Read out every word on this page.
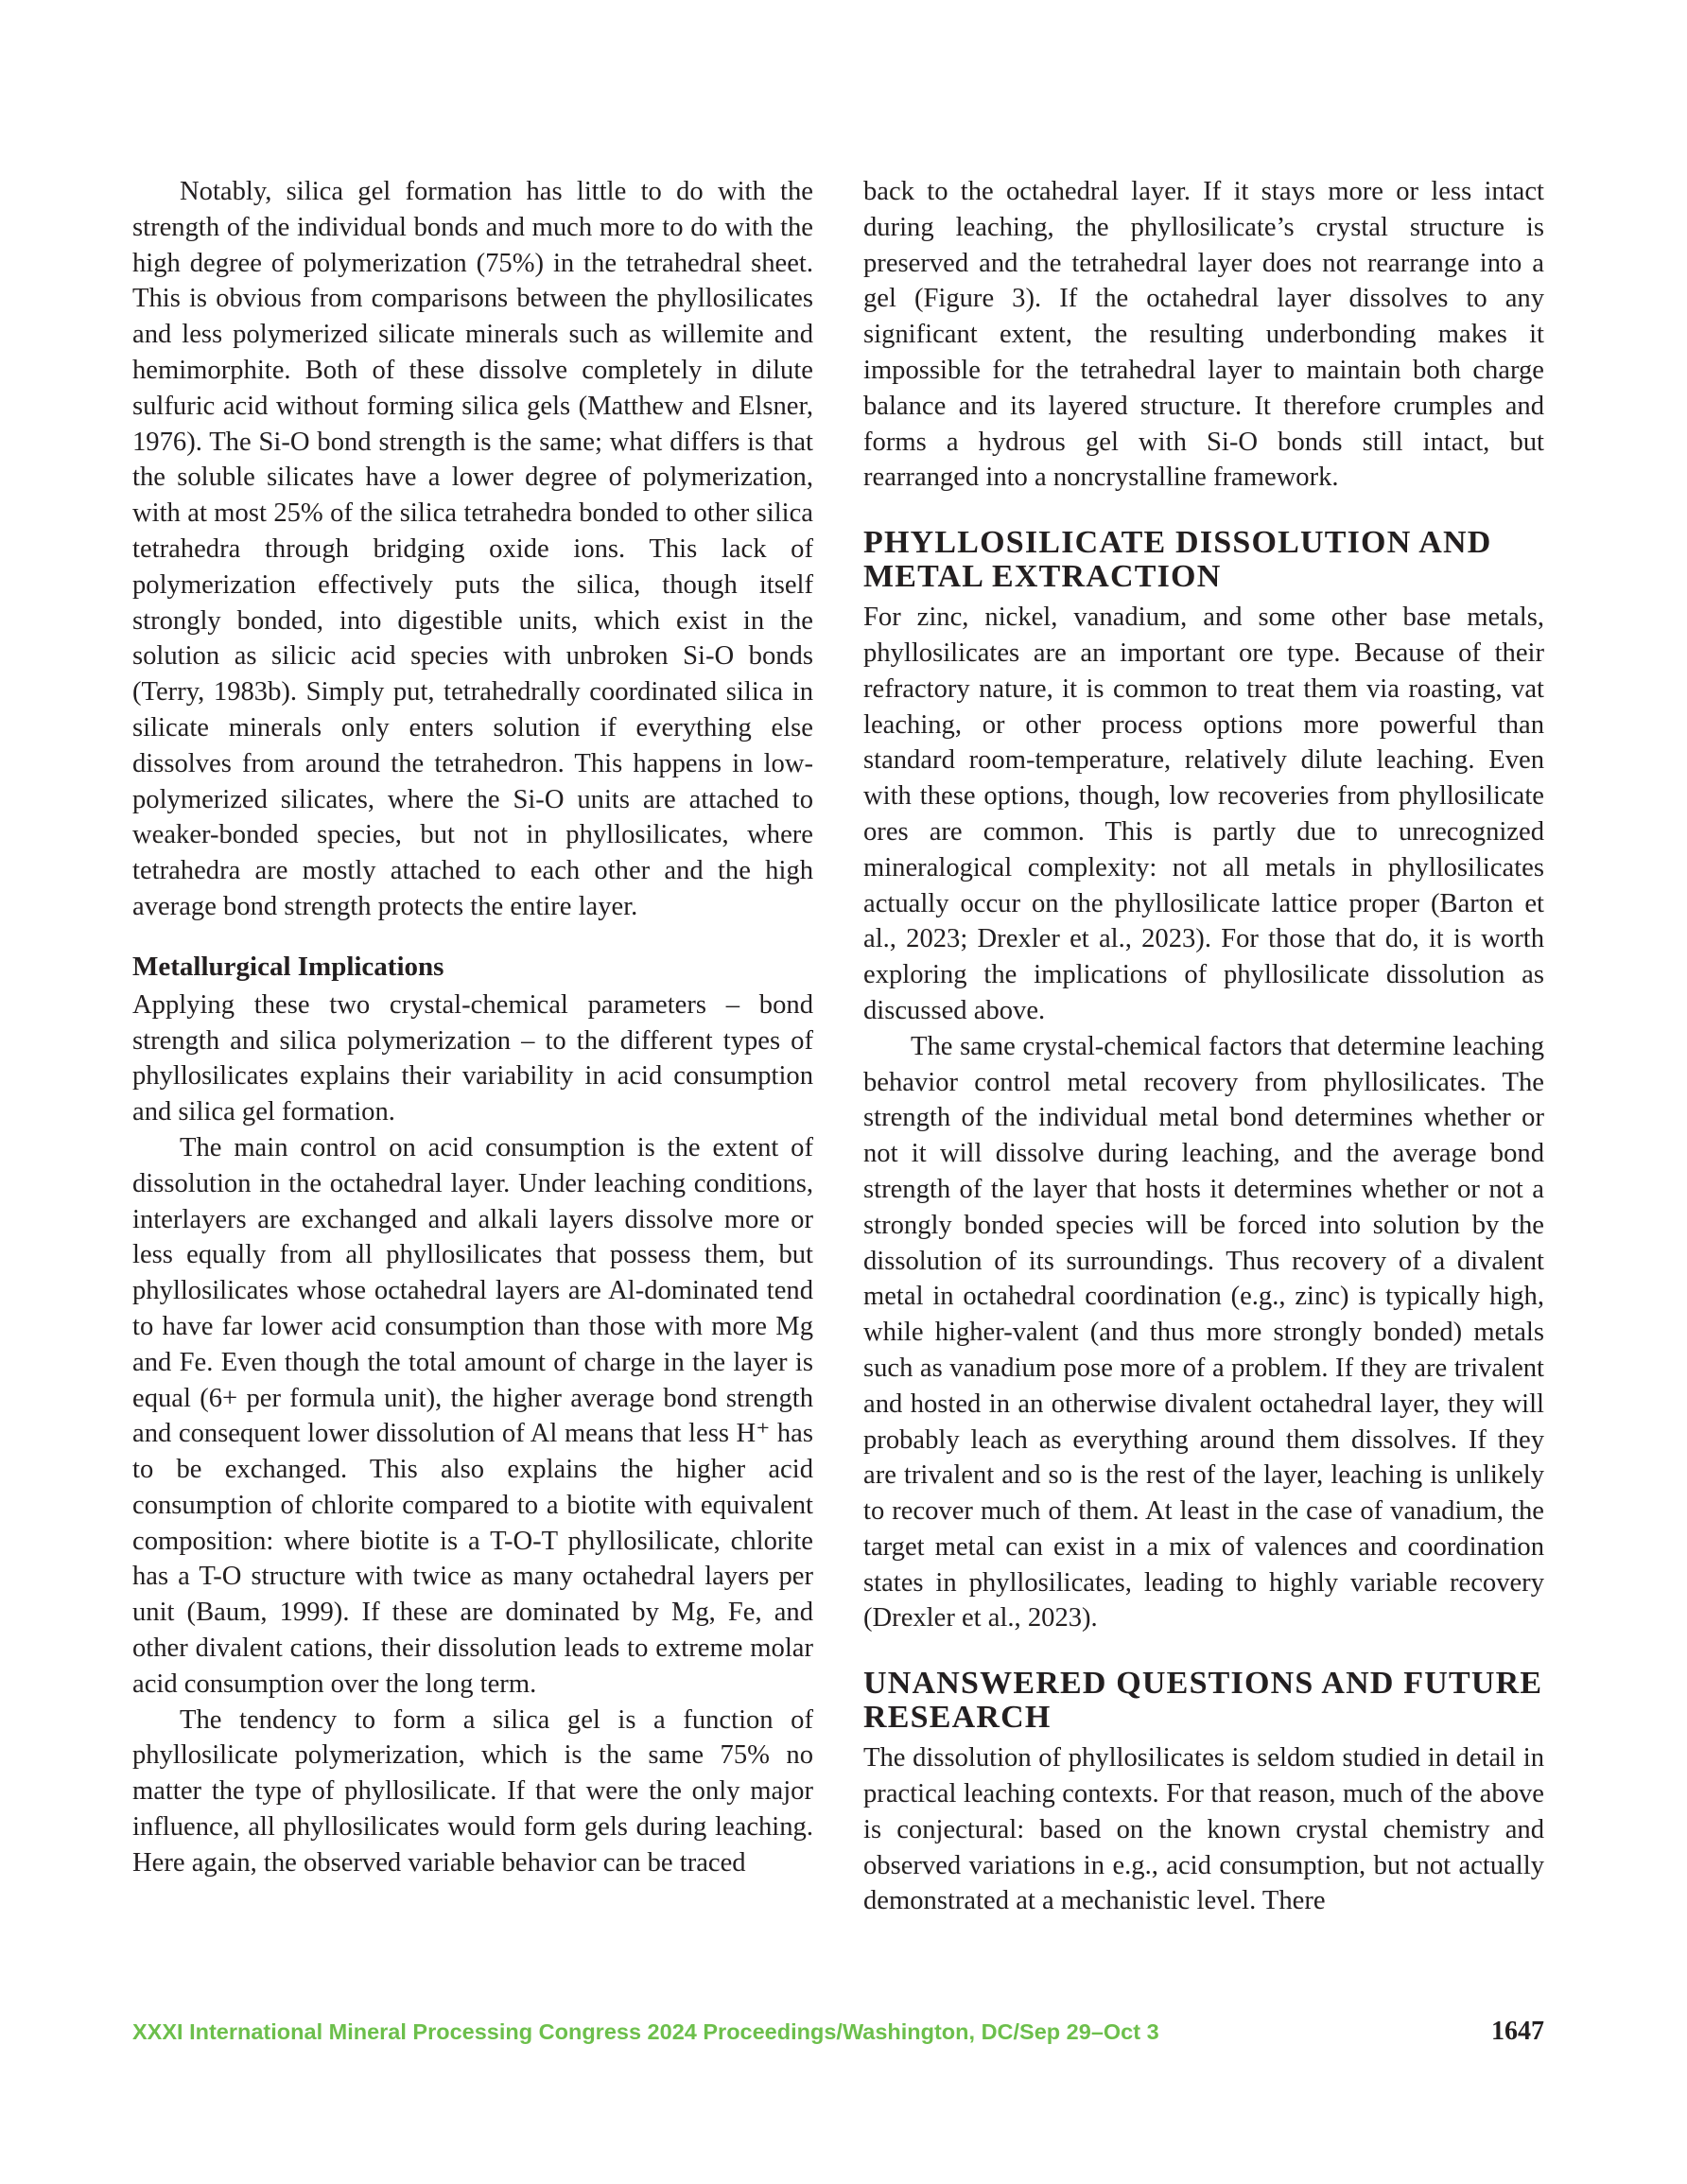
Notably, silica gel formation has little to do with the strength of the individual bonds and much more to do with the high degree of polymerization (75%) in the tetrahedral sheet. This is obvious from comparisons between the phyllosilicates and less polymerized silicate minerals such as willemite and hemimorphite. Both of these dissolve completely in dilute sulfuric acid without forming silica gels (Matthew and Elsner, 1976). The Si-O bond strength is the same; what differs is that the soluble silicates have a lower degree of polymerization, with at most 25% of the silica tetrahedra bonded to other silica tetrahedra through bridging oxide ions. This lack of polymerization effectively puts the silica, though itself strongly bonded, into digestible units, which exist in the solution as silicic acid species with unbroken Si-O bonds (Terry, 1983b). Simply put, tetrahedrally coordinated silica in silicate minerals only enters solution if everything else dissolves from around the tetrahedron. This happens in low-polymerized silicates, where the Si-O units are attached to weaker-bonded species, but not in phyllosilicates, where tetrahedra are mostly attached to each other and the high average bond strength protects the entire layer.

Metallurgical Implications

Applying these two crystal-chemical parameters – bond strength and silica polymerization – to the different types of phyllosilicates explains their variability in acid consumption and silica gel formation.

The main control on acid consumption is the extent of dissolution in the octahedral layer. Under leaching conditions, interlayers are exchanged and alkali layers dissolve more or less equally from all phyllosilicates that possess them, but phyllosilicates whose octahedral layers are Al-dominated tend to have far lower acid consumption than those with more Mg and Fe. Even though the total amount of charge in the layer is equal (6+ per formula unit), the higher average bond strength and consequent lower dissolution of Al means that less H⁺ has to be exchanged. This also explains the higher acid consumption of chlorite compared to a biotite with equivalent composition: where biotite is a T-O-T phyllosilicate, chlorite has a T-O structure with twice as many octahedral layers per unit (Baum, 1999). If these are dominated by Mg, Fe, and other divalent cations, their dissolution leads to extreme molar acid consumption over the long term.

The tendency to form a silica gel is a function of phyllosilicate polymerization, which is the same 75% no matter the type of phyllosilicate. If that were the only major influence, all phyllosilicates would form gels during leaching. Here again, the observed variable behavior can be traced

back to the octahedral layer. If it stays more or less intact during leaching, the phyllosilicate’s crystal structure is preserved and the tetrahedral layer does not rearrange into a gel (Figure 3). If the octahedral layer dissolves to any significant extent, the resulting underbonding makes it impossible for the tetrahedral layer to maintain both charge balance and its layered structure. It therefore crumples and forms a hydrous gel with Si-O bonds still intact, but rearranged into a noncrystalline framework.

PHYLLOSILICATE DISSOLUTION AND METAL EXTRACTION

For zinc, nickel, vanadium, and some other base metals, phyllosilicates are an important ore type. Because of their refractory nature, it is common to treat them via roasting, vat leaching, or other process options more powerful than standard room-temperature, relatively dilute leaching. Even with these options, though, low recoveries from phyllosilicate ores are common. This is partly due to unrecognized mineralogical complexity: not all metals in phyllosilicates actually occur on the phyllosilicate lattice proper (Barton et al., 2023; Drexler et al., 2023). For those that do, it is worth exploring the implications of phyllosilicate dissolution as discussed above.

The same crystal-chemical factors that determine leaching behavior control metal recovery from phyllosilicates. The strength of the individual metal bond determines whether or not it will dissolve during leaching, and the average bond strength of the layer that hosts it determines whether or not a strongly bonded species will be forced into solution by the dissolution of its surroundings. Thus recovery of a divalent metal in octahedral coordination (e.g., zinc) is typically high, while higher-valent (and thus more strongly bonded) metals such as vanadium pose more of a problem. If they are trivalent and hosted in an otherwise divalent octahedral layer, they will probably leach as everything around them dissolves. If they are trivalent and so is the rest of the layer, leaching is unlikely to recover much of them. At least in the case of vanadium, the target metal can exist in a mix of valences and coordination states in phyllosilicates, leading to highly variable recovery (Drexler et al., 2023).

UNANSWERED QUESTIONS AND FUTURE RESEARCH

The dissolution of phyllosilicates is seldom studied in detail in practical leaching contexts. For that reason, much of the above is conjectural: based on the known crystal chemistry and observed variations in e.g., acid consumption, but not actually demonstrated at a mechanistic level. There

XXXI International Mineral Processing Congress 2024 Proceedings/Washington, DC/Sep 29–Oct 3	1647
